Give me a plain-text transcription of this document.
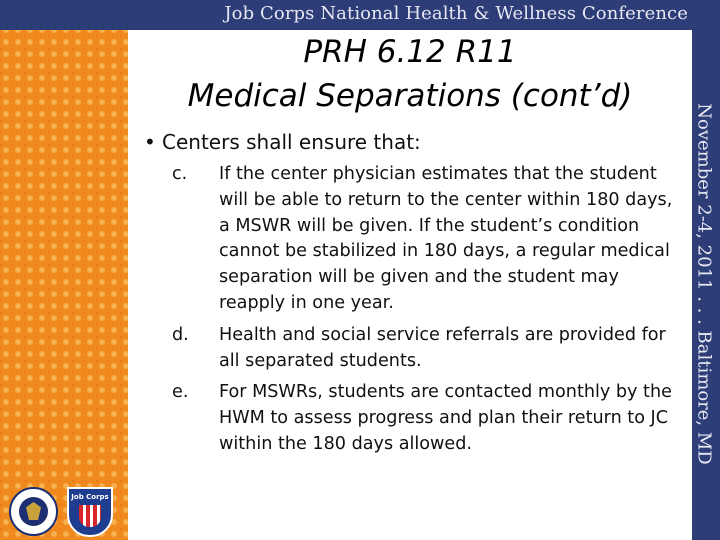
Job Corps National Health & Wellness Conference
November 2-4, 2011 . . . Baltimore, MD
PRH 6.12 R11
Medical Separations (cont’d)
• Centers shall ensure that:
c.	If the center physician estimates that the student will be able to return to the center within 180 days, a MSWR will be given. If the student’s condition cannot be stabilized in 180 days, a regular medical separation will be given and the student may reapply in one year.
d.	Health and social service referrals are provided for all separated students.
e.	For MSWRs, students are contacted monthly by the HWM to assess progress and plan their return to JC within the 180 days allowed.
Job Corps
